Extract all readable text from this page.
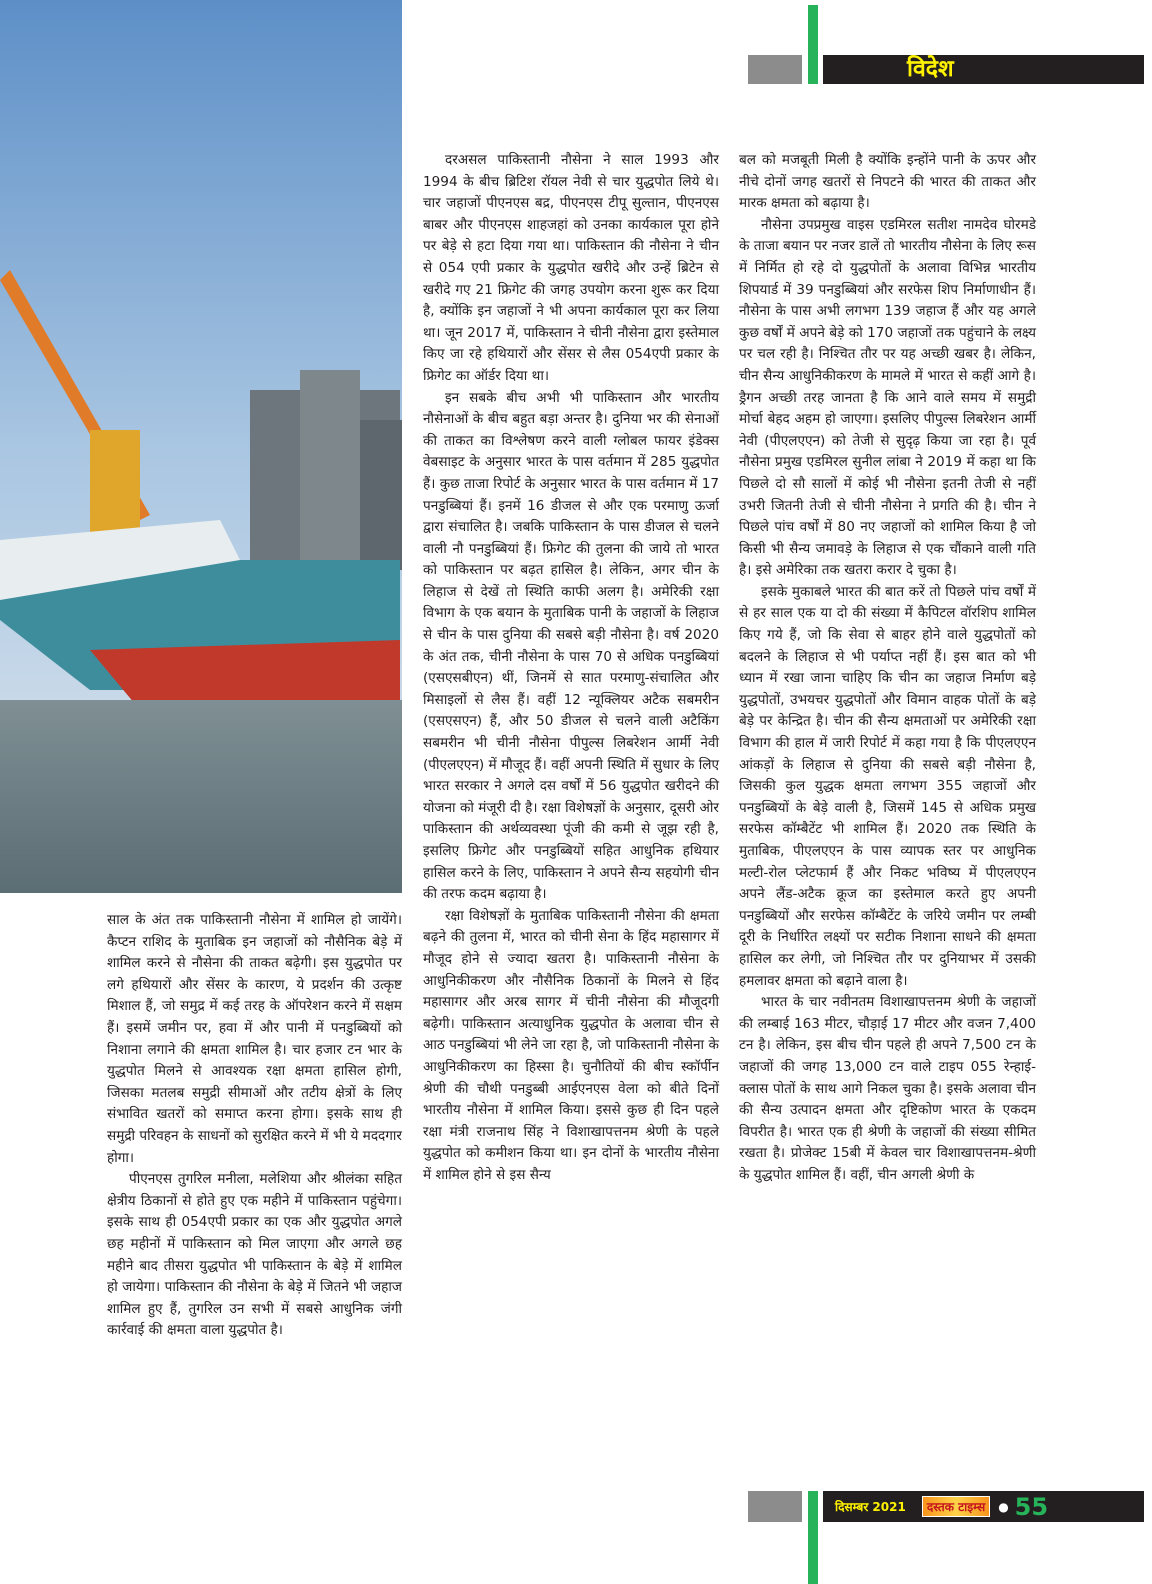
विदेश

साल के अंत तक पाकिस्तानी नौसेना में शामिल हो जायेंगे। कैप्टन राशिद के मुताबिक इन जहाजों को नौसैनिक बेड़े में शामिल करने से नौसेना की ताकत बढ़ेगी। इस युद्धपोत पर लगे हथियारों और सेंसर के कारण, ये प्रदर्शन की उत्कृष्ट मिशाल हैं, जो समुद्र में कई तरह के ऑपरेशन करने में सक्षम हैं। इसमें जमीन पर, हवा में और पानी में पनडुब्बियों को निशाना लगाने की क्षमता शामिल है। चार हजार टन भार के युद्धपोत मिलने से आवश्यक रक्षा क्षमता हासिल होगी, जिसका मतलब समुद्री सीमाओं और तटीय क्षेत्रों के लिए संभावित खतरों को समाप्त करना होगा। इसके साथ ही समुद्री परिवहन के साधनों को सुरक्षित करने में भी ये मददगार होगा।

पीएनएस तुगरिल मनीला, मलेशिया और श्रीलंका सहित क्षेत्रीय ठिकानों से होते हुए एक महीने में पाकिस्तान पहुंचेगा। इसके साथ ही 054एपी प्रकार का एक और युद्धपोत अगले छह महीनों में पाकिस्तान को मिल जाएगा और अगले छह महीने बाद तीसरा युद्धपोत भी पाकिस्तान के बेड़े में शामिल हो जायेगा। पाकिस्तान की नौसेना के बेड़े में जितने भी जहाज शामिल हुए हैं, तुगरिल उन सभी में सबसे आधुनिक जंगी कार्रवाई की क्षमता वाला युद्धपोत है।

दरअसल पाकिस्तानी नौसेना ने साल 1993 और 1994 के बीच ब्रिटिश रॉयल नेवी से चार युद्धपोत लिये थे। चार जहाजों पीएनएस बद्र, पीएनएस टीपू सुल्तान, पीएनएस बाबर और पीएनएस शाहजहां को उनका कार्यकाल पूरा होने पर बेड़े से हटा दिया गया था। पाकिस्तान की नौसेना ने चीन से 054 एपी प्रकार के युद्धपोत खरीदे और उन्हें ब्रिटेन से खरीदे गए 21 फ्रिगेट की जगह उपयोग करना शुरू कर दिया है, क्योंकि इन जहाजों ने भी अपना कार्यकाल पूरा कर लिया था। जून 2017 में, पाकिस्तान ने चीनी नौसेना द्वारा इस्तेमाल किए जा रहे हथियारों और सेंसर से लैस 054एपी प्रकार के फ्रिगेट का ऑर्डर दिया था।

इन सबके बीच अभी भी पाकिस्तान और भारतीय नौसेनाओं के बीच बहुत बड़ा अन्तर है। दुनिया भर की सेनाओं की ताकत का विश्लेषण करने वाली ग्लोबल फायर इंडेक्स वेबसाइट के अनुसार भारत के पास वर्तमान में 285 युद्धपोत हैं। कुछ ताजा रिपोर्ट के अनुसार भारत के पास वर्तमान में 17 पनडुब्बियां हैं। इनमें 16 डीजल से और एक परमाणु ऊर्जा द्वारा संचालित है। जबकि पाकिस्तान के पास डीजल से चलने वाली नौ पनडुब्बियां हैं। फ्रिगेट की तुलना की जाये तो भारत को पाकिस्तान पर बढ़त हासिल है। लेकिन, अगर चीन के लिहाज से देखें तो स्थिति काफी अलग है। अमेरिकी रक्षा विभाग के एक बयान के मुताबिक पानी के जहाजों के लिहाज से चीन के पास दुनिया की सबसे बड़ी नौसेना है। वर्ष 2020 के अंत तक, चीनी नौसेना के पास 70 से अधिक पनडुब्बियां (एसएसबीएन) थीं, जिनमें से सात परमाणु-संचालित और मिसाइलों से लैस हैं। वहीं 12 न्यूक्लियर अटैक सबमरीन (एसएसएन) हैं, और 50 डीजल से चलने वाली अटैकिंग सबमरीन भी चीनी नौसेना पीपुल्स लिबरेशन आर्मी नेवी (पीएलएएन) में मौजूद हैं। वहीं अपनी स्थिति में सुधार के लिए भारत सरकार ने अगले दस वर्षों में 56 युद्धपोत खरीदने की योजना को मंजूरी दी है। रक्षा विशेषज्ञों के अनुसार, दूसरी ओर पाकिस्तान की अर्थव्यवस्था पूंजी की कमी से जूझ रही है, इसलिए फ्रिगेट और पनडुब्बियों सहित आधुनिक हथियार हासिल करने के लिए, पाकिस्तान ने अपने सैन्य सहयोगी चीन की तरफ कदम बढ़ाया है।

रक्षा विशेषज्ञों के मुताबिक पाकिस्तानी नौसेना की क्षमता बढ़ने की तुलना में, भारत को चीनी सेना के हिंद महासागर में मौजूद होने से ज्यादा खतरा है। पाकिस्तानी नौसेना के आधुनिकीकरण और नौसैनिक ठिकानों के मिलने से हिंद महासागर और अरब सागर में चीनी नौसेना की मौजूदगी बढ़ेगी। पाकिस्तान अत्याधुनिक युद्धपोत के अलावा चीन से आठ पनडुब्बियां भी लेने जा रहा है, जो पाकिस्तानी नौसेना के आधुनिकीकरण का हिस्सा है। चुनौतियों की बीच स्कॉर्पीन श्रेणी की चौथी पनडुब्बी आईएनएस वेला को बीते दिनों भारतीय नौसेना में शामिल किया। इससे कुछ ही दिन पहले रक्षा मंत्री राजनाथ सिंह ने विशाखापत्तनम श्रेणी के पहले युद्धपोत को कमीशन किया था। इन दोनों के भारतीय नौसेना में शामिल होने से इस सैन्य

बल को मजबूती मिली है क्योंकि इन्होंने पानी के ऊपर और नीचे दोनों जगह खतरों से निपटने की भारत की ताकत और मारक क्षमता को बढ़ाया है।

नौसेना उपप्रमुख वाइस एडमिरल सतीश नामदेव घोरमडे के ताजा बयान पर नजर डालें तो भारतीय नौसेना के लिए रूस में निर्मित हो रहे दो युद्धपोतों के अलावा विभिन्न भारतीय शिपयार्ड में 39 पनडुब्बियां और सरफेस शिप निर्माणाधीन हैं। नौसेना के पास अभी लगभग 139 जहाज हैं और यह अगले कुछ वर्षों में अपने बेड़े को 170 जहाजों तक पहुंचाने के लक्ष्य पर चल रही है। निश्चित तौर पर यह अच्छी खबर है। लेकिन, चीन सैन्य आधुनिकीकरण के मामले में भारत से कहीं आगे है। ड्रैगन अच्छी तरह जानता है कि आने वाले समय में समुद्री मोर्चा बेहद अहम हो जाएगा। इसलिए पीपुल्स लिबरेशन आर्मी नेवी (पीएलएएन) को तेजी से सुदृढ़ किया जा रहा है। पूर्व नौसेना प्रमुख एडमिरल सुनील लांबा ने 2019 में कहा था कि पिछले दो सौ सालों में कोई भी नौसेना इतनी तेजी से नहीं उभरी जितनी तेजी से चीनी नौसेना ने प्रगति की है। चीन ने पिछले पांच वर्षों में 80 नए जहाजों को शामिल किया है जो किसी भी सैन्य जमावड़े के लिहाज से एक चौंकाने वाली गति है। इसे अमेरिका तक खतरा करार दे चुका है।

इसके मुकाबले भारत की बात करें तो पिछले पांच वर्षों में से हर साल एक या दो की संख्या में कैपिटल वॉरशिप शामिल किए गये हैं, जो कि सेवा से बाहर होने वाले युद्धपोतों को बदलने के लिहाज से भी पर्याप्त नहीं हैं। इस बात को भी ध्यान में रखा जाना चाहिए कि चीन का जहाज निर्माण बड़े युद्धपोतों, उभयचर युद्धपोतों और विमान वाहक पोतों के बड़े बेड़े पर केन्द्रित है। चीन की सैन्य क्षमताओं पर अमेरिकी रक्षा विभाग की हाल में जारी रिपोर्ट में कहा गया है कि पीएलएएन आंकड़ों के लिहाज से दुनिया की सबसे बड़ी नौसेना है, जिसकी कुल युद्धक क्षमता लगभग 355 जहाजों और पनडुब्बियों के बेड़े वाली है, जिसमें 145 से अधिक प्रमुख सरफेस कॉम्बैटेंट भी शामिल हैं। 2020 तक स्थिति के मुताबिक, पीएलएएन के पास व्यापक स्तर पर आधुनिक मल्टी-रोल प्लेटफार्म हैं और निकट भविष्य में पीएलएएन अपने लैंड-अटैक क्रूज का इस्तेमाल करते हुए अपनी पनडुब्बियों और सरफेस कॉम्बैटेंट के जरिये जमीन पर लम्बी दूरी के निर्धारित लक्ष्यों पर सटीक निशाना साधने की क्षमता हासिल कर लेगी, जो निश्चित तौर पर दुनियाभर में उसकी हमलावर क्षमता को बढ़ाने वाला है।

भारत के चार नवीनतम विशाखापत्तनम श्रेणी के जहाजों की लम्बाई 163 मीटर, चौड़ाई 17 मीटर और वजन 7,400 टन है। लेकिन, इस बीच चीन पहले ही अपने 7,500 टन के जहाजों की जगह 13,000 टन वाले टाइप 055 रेन्हाई-क्लास पोतों के साथ आगे निकल चुका है। इसके अलावा चीन की सैन्य उत्पादन क्षमता और दृष्टिकोण भारत के एकदम विपरीत है। भारत एक ही श्रेणी के जहाजों की संख्या सीमित रखता है। प्रोजेक्ट 15बी में केवल चार विशाखापत्तनम-श्रेणी के युद्धपोत शामिल हैं। वहीं, चीन अगली श्रेणी के

दिसम्बर 2021	दस्तक टाइम्स	● 55
